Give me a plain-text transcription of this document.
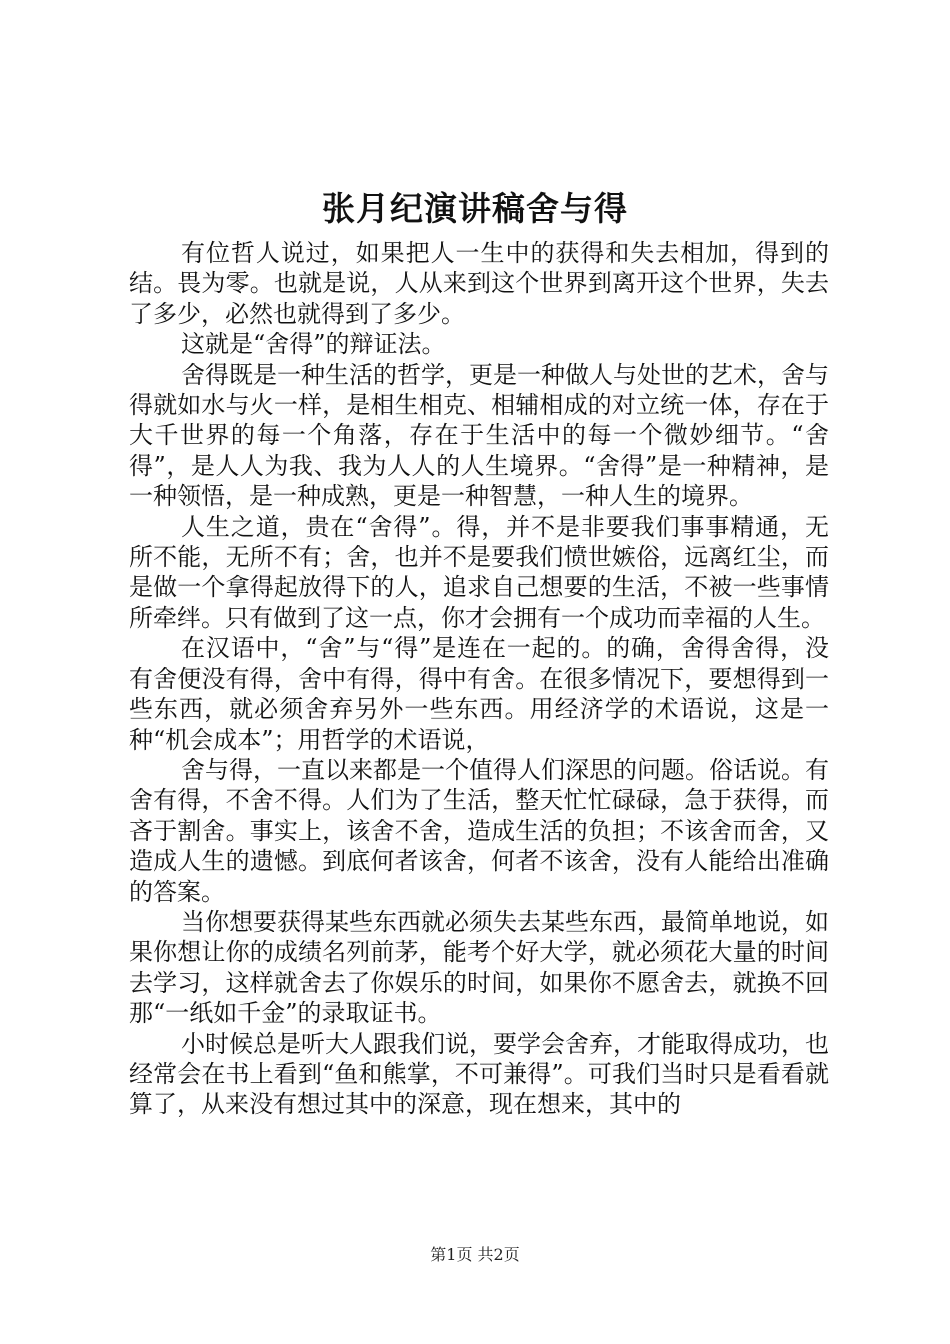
张月纪演讲稿舍与得

有位哲人说过，如果把人一生中的获得和失去相加，得到的结。畏为零。也就是说，人从来到这个世界到离开这个世界，失去了多少，必然也就得到了多少。

这就是“舍得”的辩证法。

舍得既是一种生活的哲学，更是一种做人与处世的艺术，舍与得就如水与火一样，是相生相克、相辅相成的对立统一体，存在于大千世界的每一个角落，存在于生活中的每一个微妙细节。“舍得”，是人人为我、我为人人的人生境界。“舍得”是一种精神，是一种领悟，是一种成熟，更是一种智慧，一种人生的境界。

人生之道，贵在“舍得”。得，并不是非要我们事事精通，无所不能，无所不有；舍，也并不是要我们愤世嫉俗，远离红尘，而是做一个拿得起放得下的人，追求自己想要的生活，不被一些事情所牵绊。只有做到了这一点，你才会拥有一个成功而幸福的人生。

在汉语中，“舍”与“得”是连在一起的。的确，舍得舍得，没有舍便没有得，舍中有得，得中有舍。在很多情况下，要想得到一些东西，就必须舍弃另外一些东西。用经济学的术语说，这是一种“机会成本”；用哲学的术语说，

舍与得，一直以来都是一个值得人们深思的问题。俗话说。有舍有得，不舍不得。人们为了生活，整天忙忙碌碌，急于获得，而吝于割舍。事实上，该舍不舍，造成生活的负担；不该舍而舍，又造成人生的遗憾。到底何者该舍，何者不该舍，没有人能给出准确的答案。

当你想要获得某些东西就必须失去某些东西，最简单地说，如果你想让你的成绩名列前茅，能考个好大学，就必须花大量的时间去学习，这样就舍去了你娱乐的时间，如果你不愿舍去，就换不回那“一纸如千金”的录取证书。

小时候总是听大人跟我们说，要学会舍弃，才能取得成功，也经常会在书上看到“鱼和熊掌，不可兼得”。可我们当时只是看看就算了，从来没有想过其中的深意，现在想来，其中的

第1页 共2页
